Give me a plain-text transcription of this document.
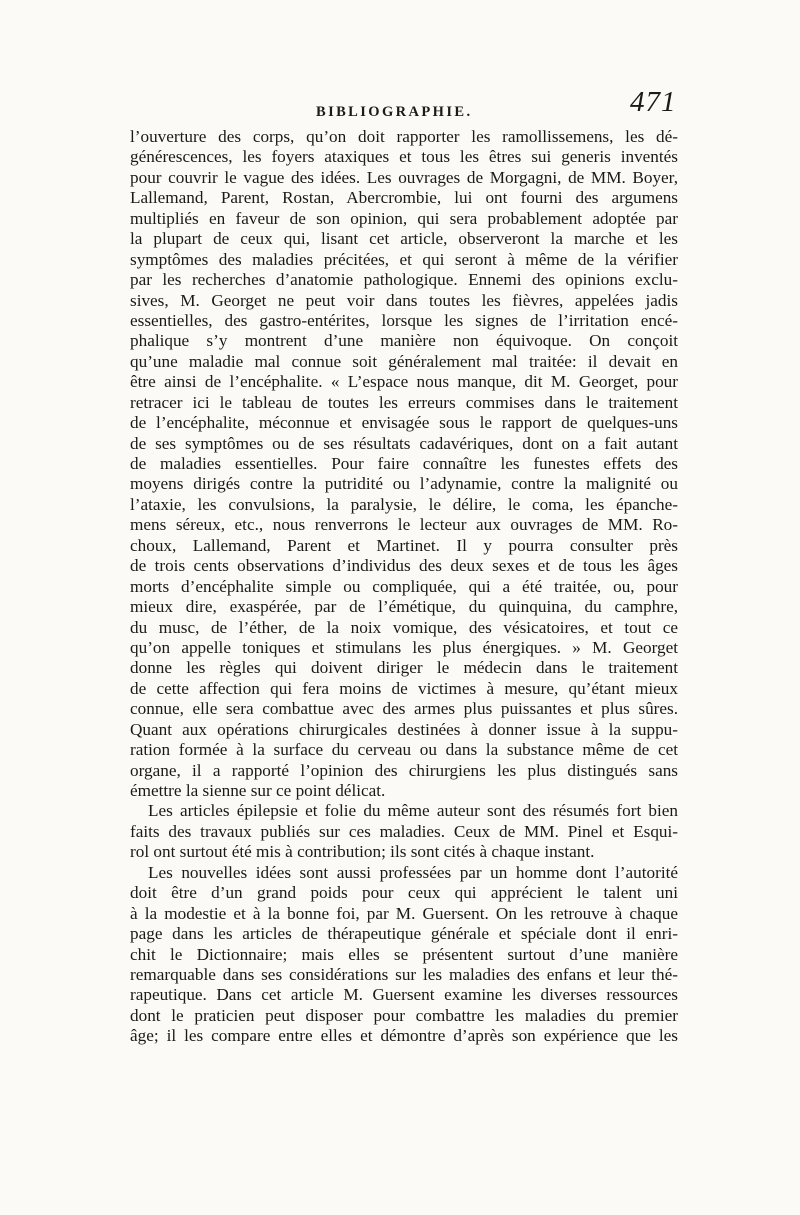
BIBLIOGRAPHIE.	471
l’ouverture des corps, qu’on doit rapporter les ramollissemens, les dé-
générescences, les foyers ataxiques et tous les êtres sui generis inventés
pour couvrir le vague des idées. Les ouvrages de Morgagni, de MM. Boyer,
Lallemand, Parent, Rostan, Abercrombie, lui ont fourni des argumens
multipliés en faveur de son opinion, qui sera probablement adoptée par
la plupart de ceux qui, lisant cet article, observeront la marche et les
symptômes des maladies précitées, et qui seront à même de la vérifier
par les recherches d’anatomie pathologique. Ennemi des opinions exclu-
sives, M. Georget ne peut voir dans toutes les fièvres, appelées jadis
essentielles, des gastro-entérites, lorsque les signes de l’irritation encé-
phalique s’y montrent d’une manière non équivoque. On conçoit
qu’une maladie mal connue soit généralement mal traitée: il devait en
être ainsi de l’encéphalite. « L’espace nous manque, dit M. Georget, pour
retracer ici le tableau de toutes les erreurs commises dans le traitement
de l’encéphalite, méconnue et envisagée sous le rapport de quelques-uns
de ses symptômes ou de ses résultats cadavériques, dont on a fait autant
de maladies essentielles. Pour faire connaître les funestes effets des
moyens dirigés contre la putridité ou l’adynamie, contre la malignité ou
l’ataxie, les convulsions, la paralysie, le délire, le coma, les épanche-
mens séreux, etc., nous renverrons le lecteur aux ouvrages de MM. Ro-
choux, Lallemand, Parent et Martinet. Il y pourra consulter près
de trois cents observations d’individus des deux sexes et de tous les âges
morts d’encéphalite simple ou compliquée, qui a été traitée, ou, pour
mieux dire, exaspérée, par de l’émétique, du quinquina, du camphre,
du musc, de l’éther, de la noix vomique, des vésicatoires, et tout ce
qu’on appelle toniques et stimulans les plus énergiques. » M. Georget
donne les règles qui doivent diriger le médecin dans le traitement
de cette affection qui fera moins de victimes à mesure, qu’étant mieux
connue, elle sera combattue avec des armes plus puissantes et plus sûres.
Quant aux opérations chirurgicales destinées à donner issue à la suppu-
ration formée à la surface du cerveau ou dans la substance même de cet
organe, il a rapporté l’opinion des chirurgiens les plus distingués sans
émettre la sienne sur ce point délicat.
Les articles épilepsie et folie du même auteur sont des résumés fort bien
faits des travaux publiés sur ces maladies. Ceux de MM. Pinel et Esqui-
rol ont surtout été mis à contribution; ils sont cités à chaque instant.
Les nouvelles idées sont aussi professées par un homme dont l’autorité
doit être d’un grand poids pour ceux qui apprécient le talent uni
à la modestie et à la bonne foi, par M. Guersent. On les retrouve à chaque
page dans les articles de thérapeutique générale et spéciale dont il enri-
chit le Dictionnaire; mais elles se présentent surtout d’une manière
remarquable dans ses considérations sur les maladies des enfans et leur thé-
rapeutique. Dans cet article M. Guersent examine les diverses ressources
dont le praticien peut disposer pour combattre les maladies du premier
âge; il les compare entre elles et démontre d’après son expérience que les
